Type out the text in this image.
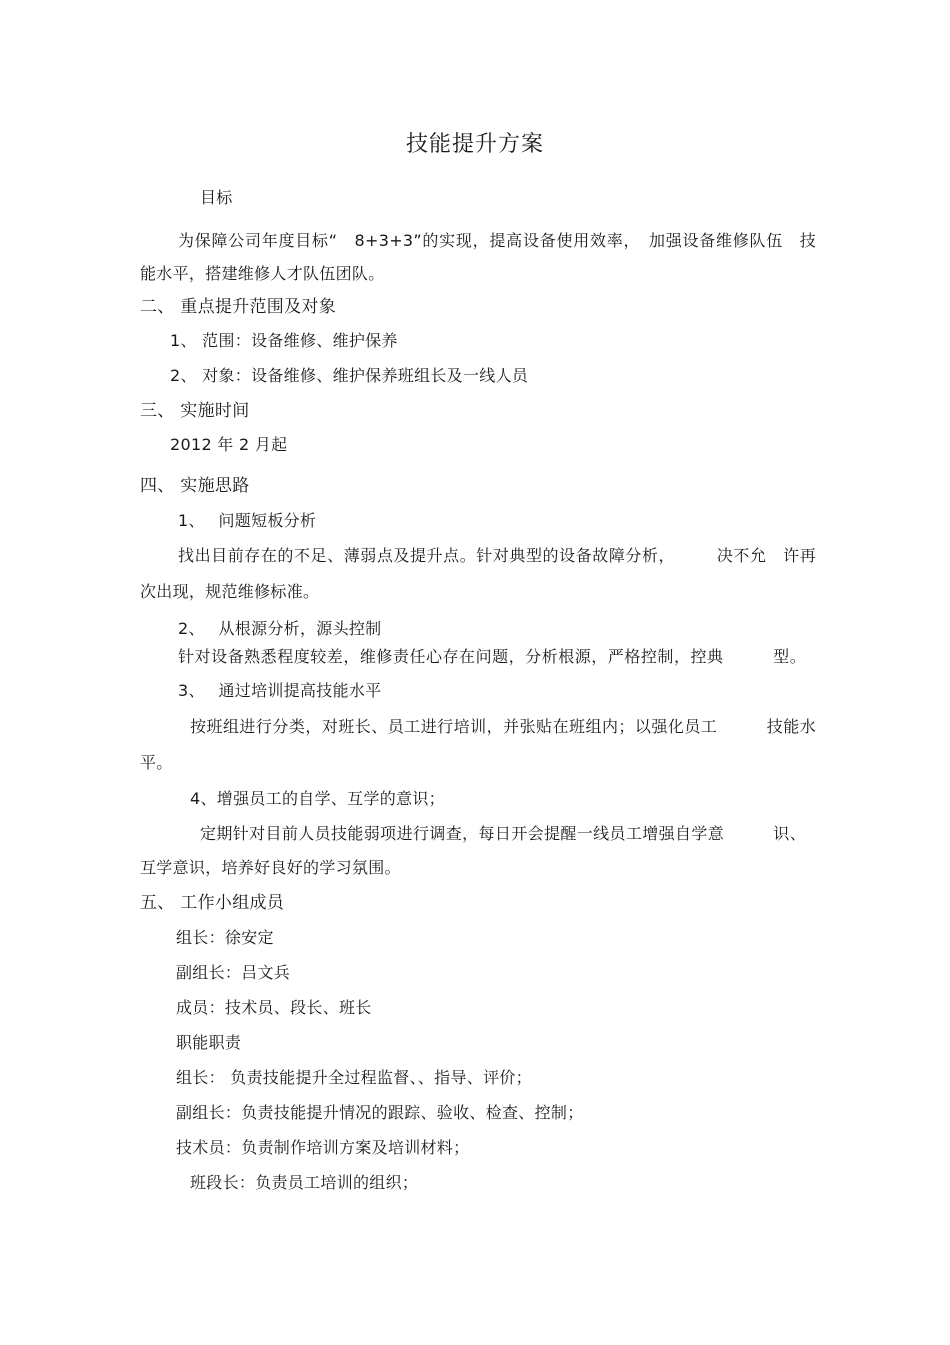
技能提升方案
目标
为保障公司年度目标“　8+3+3”的实现，提高设备使用效率，　加强设备维修队伍　技
能水平，搭建维修人才队伍团队。
二、 重点提升范围及对象
1、 范围：设备维修、维护保养
2、 对象：设备维修、维护保养班组长及一线人员
三、 实施时间
2012 年 2 月起
四、 实施思路
1、　 问题短板分析
找出目前存在的不足、薄弱点及提升点。针对典型的设备故障分析，　　　决不允　许再
次出现，规范维修标准。
2、　 从根源分析，源头控制
针对设备熟悉程度较差，维修责任心存在问题，分析根源，严格控制，控典　　　型。
3、　 通过培训提高技能水平
按班组进行分类，对班长、员工进行培训，并张贴在班组内；以强化员工　　　技能水
平。
4、增强员工的自学、互学的意识；
定期针对目前人员技能弱项进行调查，每日开会提醒一线员工增强自学意　　　识、
互学意识，培养好良好的学习氛围。
五、 工作小组成员
组长：徐安定
副组长：吕文兵
成员：技术员、段长、班长
职能职责
组长： 负责技能提升全过程监督、、指导、评价；
副组长：负责技能提升情况的跟踪、验收、检查、控制；
技术员：负责制作培训方案及培训材料；
班段长：负责员工培训的组织；
